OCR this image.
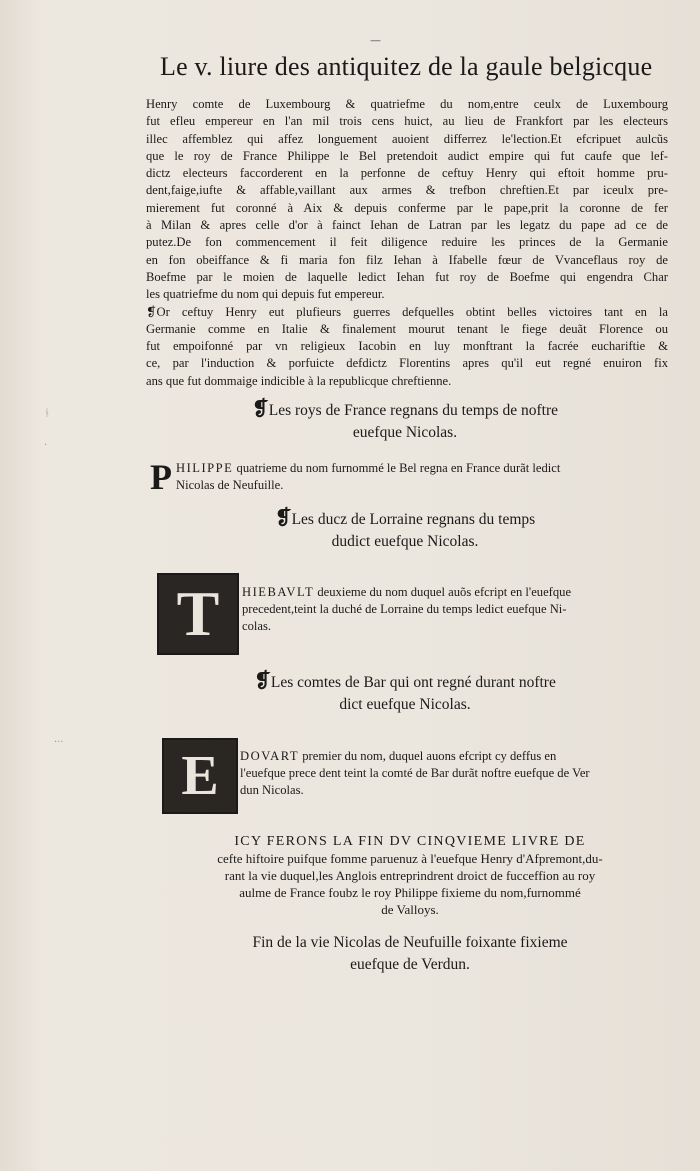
—
Le v. liure des antiquitez de la gaule belgicque
ᚾ
·
···

Henry comte de Luxembourg & quatriefme du nom,entre ceulx de Luxembourg
fut efleu empereur en l'an mil trois cens huict, au lieu de Frankfort par les electeurs
illec affemblez qui affez longuement auoient differrez le'lection.Et efcripuet aulcũs
que le roy de France Philippe le Bel pretendoit audict empire qui fut caufe que lef-
dictz electeurs faccorderent en la perfonne de ceftuy Henry qui eftoit homme pru-
dent,faige,iufte & affable,vaillant aux armes & trefbon chreftien.Et par iceulx pre-
mierement fut coronné à Aix & depuis conferme par le pape,prit la coronne de fer
à Milan & apres celle d'or à fainct Iehan de Latran par les legatz du pape ad ce de
putez.De fon commencement il feit diligence reduire les princes de la Germanie
en fon obeiffance & fi maria fon filz Iehan à Ifabelle fœur de Vvanceflaus roy de
Boefme par le moien de laquelle ledict Iehan fut roy de Boefme qui engendra Char
les quatriefme du nom qui depuis fut empereur.

❡Or ceftuy Henry eut plufieurs guerres defquelles obtint belles victoires tant en la
Germanie comme en Italie & finalement mourut tenant le fiege deuãt Florence ou
fut empoifonné par vn religieux Iacobin en luy monftrant la facrée euchariftie &
ce, par l'induction & porfuicte defdictz Florentins apres qu'il eut regné enuiron fix
ans que fut dommaige indicible à la republicque chreftienne.

❡Les roys de France regnans du temps de noftre
euefque Nicolas.
P HILIPPE quatrieme du nom furnommé le Bel regna en France durãt ledict
Nicolas de Neufuille.
❡Les ducz de Lorraine regnans du temps
dudict euefque Nicolas.
T HIEBAVLT deuxieme du nom duquel auõs efcript en l'euefque
precedent,teint la duché de Lorraine du temps ledict euefque Ni-
colas.
❡Les comtes de Bar qui ont regné durant noftre
dict euefque Nicolas.
E DOVART premier du nom, duquel auons efcript cy deffus en
l'euefque prece dent teint la comté de Bar durãt noftre euefque de Ver
dun Nicolas.
ICY FERONS LA FIN DV CINQVIEME LIVRE DE
cefte hiftoire puifque fomme paruenuz à l'euefque Henry d'Afpremont,du-
rant la vie duquel,les Anglois entreprindrent droict de fucceffion au roy
aulme de France foubz le roy Philippe fixieme du nom,furnommé
de Valloys.
Fin de la vie Nicolas de Neufuille foixante fixieme
euefque de Verdun.
